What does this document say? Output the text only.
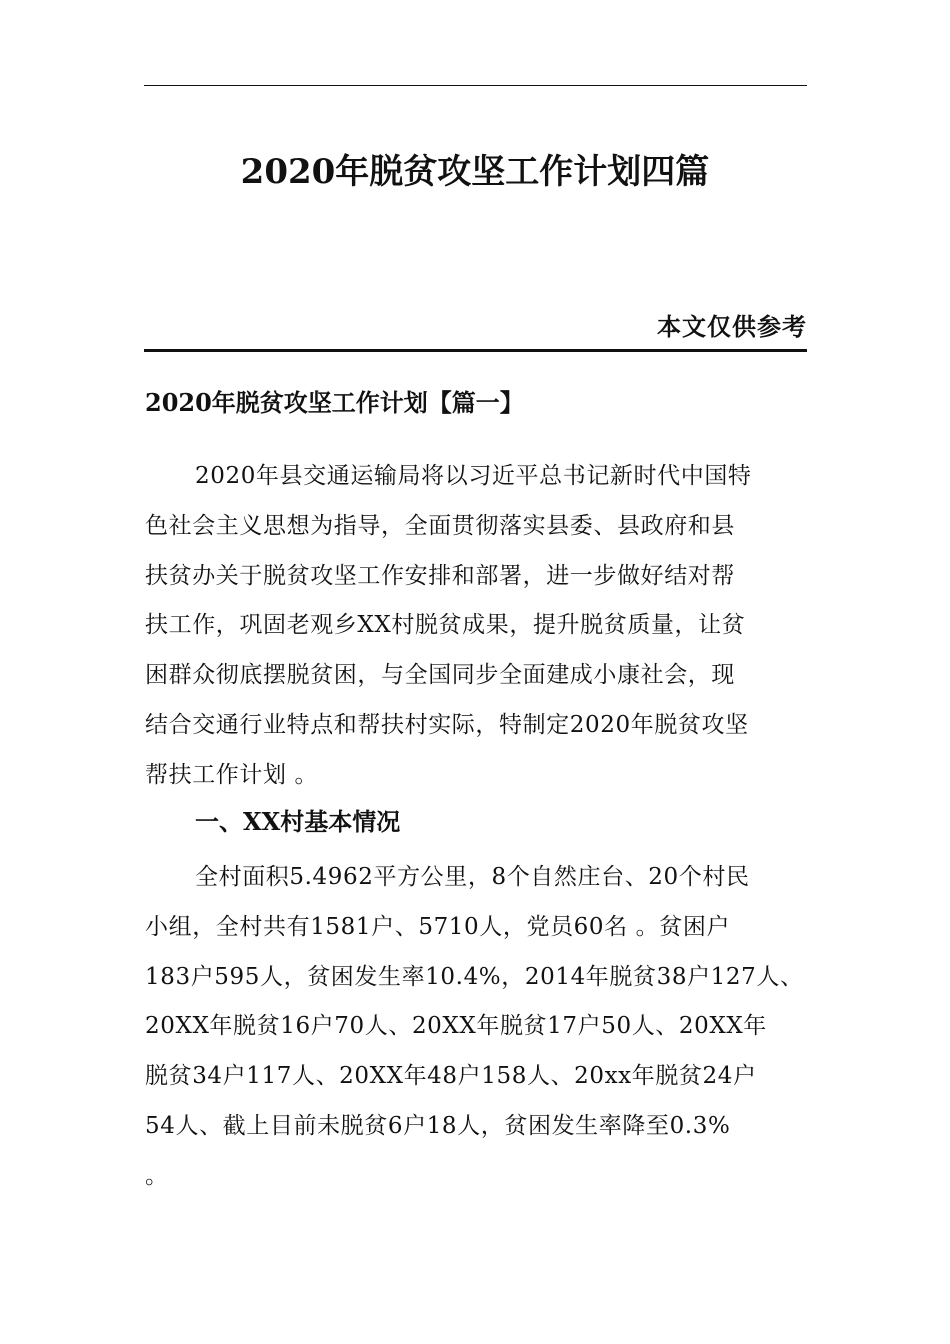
2020年脱贫攻坚工作计划四篇
本文仅供参考
2020年脱贫攻坚工作计划【篇一】
2020年县交通运输局将以习近平总书记新时代中国特
色社会主义思想为指导，全面贯彻落实县委、县政府和县
扶贫办关于脱贫攻坚工作安排和部署，进一步做好结对帮
扶工作，巩固老观乡XX村脱贫成果，提升脱贫质量，让贫
困群众彻底摆脱贫困，与全国同步全面建成小康社会，现
结合交通行业特点和帮扶村实际，特制定2020年脱贫攻坚
帮扶工作计划 。
一、XX村基本情况
全村面积5.4962平方公里，8个自然庄台、20个村民
小组，全村共有1581户、5710人，党员60名 。贫困户
183户595人，贫困发生率10.4%，2014年脱贫38户127人、
20XX年脱贫16户70人、20XX年脱贫17户50人、20XX年
脱贫34户117人、20XX年48户158人、20xx年脱贫24户
54人、截上目前未脱贫6户18人，贫困发生率降至0.3%
。
